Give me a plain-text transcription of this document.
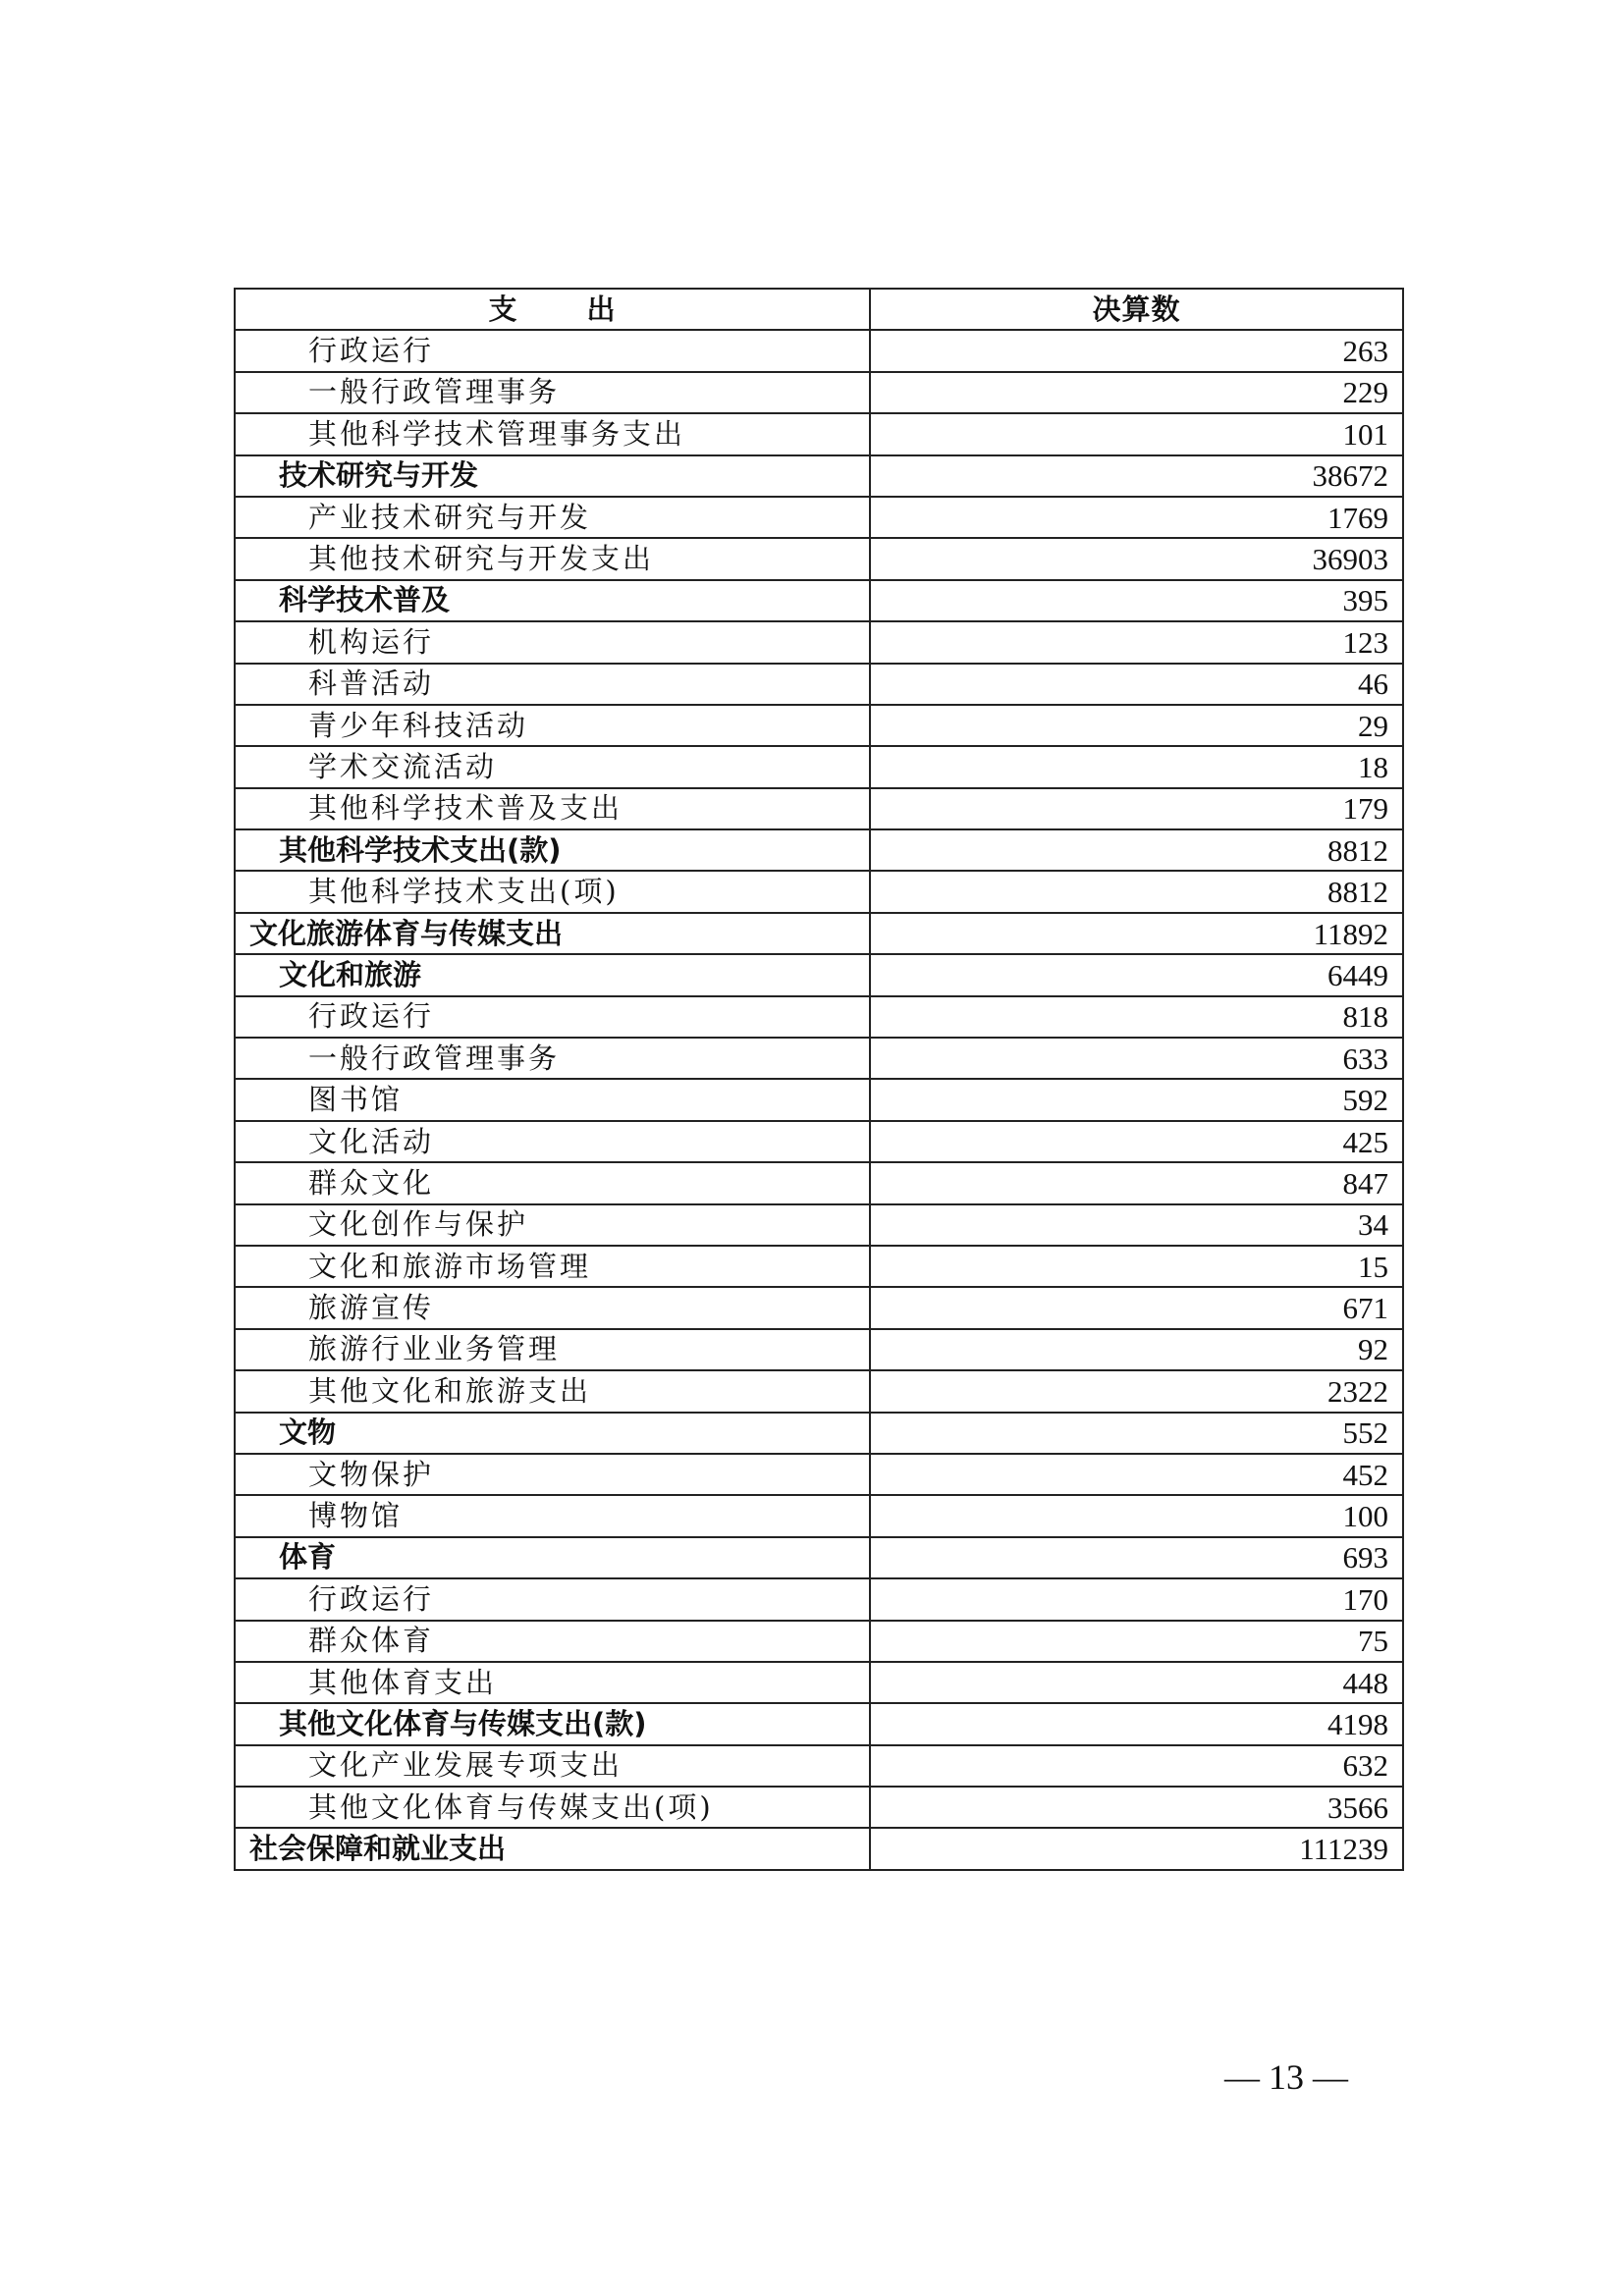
支 出	决算数
行政运行	263
一般行政管理事务	229
其他科学技术管理事务支出	101
技术研究与开发	38672
产业技术研究与开发	1769
其他技术研究与开发支出	36903
科学技术普及	395
机构运行	123
科普活动	46
青少年科技活动	29
学术交流活动	18
其他科学技术普及支出	179
其他科学技术支出(款)	8812
其他科学技术支出(项)	8812
文化旅游体育与传媒支出	11892
文化和旅游	6449
行政运行	818
一般行政管理事务	633
图书馆	592
文化活动	425
群众文化	847
文化创作与保护	34
文化和旅游市场管理	15
旅游宣传	671
旅游行业业务管理	92
其他文化和旅游支出	2322
文物	552
文物保护	452
博物馆	100
体育	693
行政运行	170
群众体育	75
其他体育支出	448
其他文化体育与传媒支出(款)	4198
文化产业发展专项支出	632
其他文化体育与传媒支出(项)	3566
社会保障和就业支出	111239
— 13 —
